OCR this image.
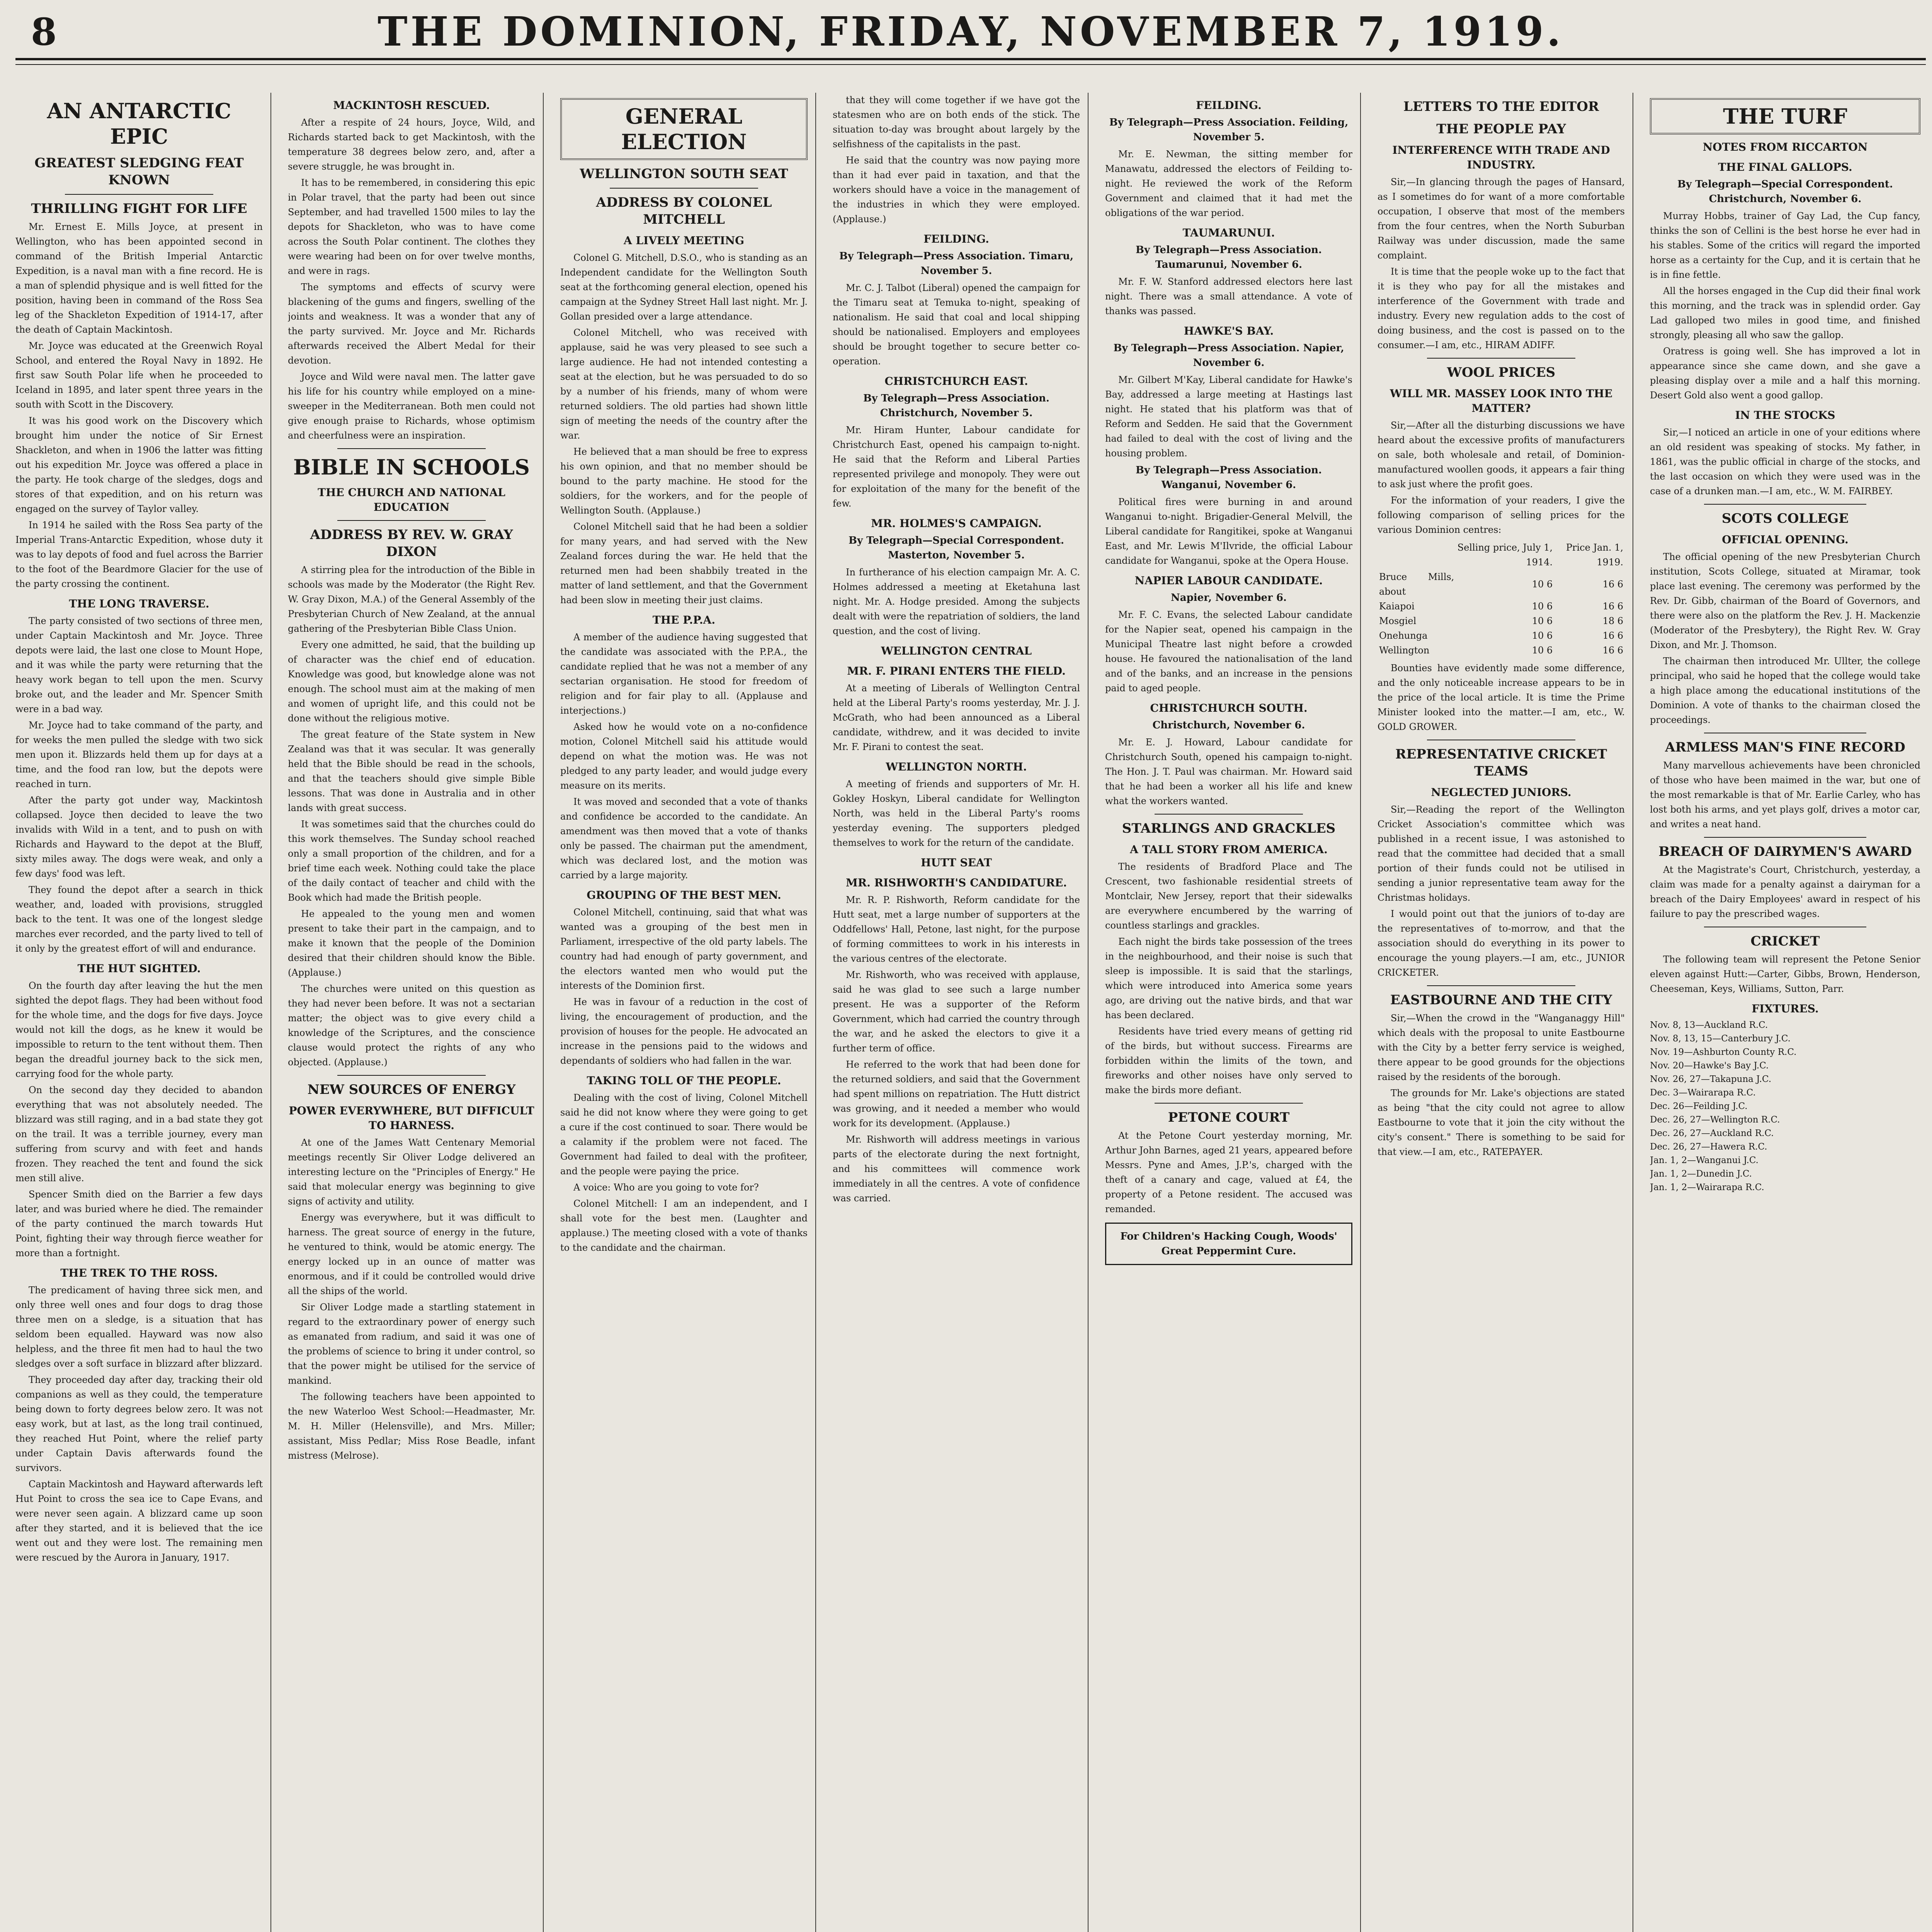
8	THE DOMINION, FRIDAY, NOVEMBER 7, 1919.
AN ANTARCTIC EPIC
GREATEST SLEDGING FEAT KNOWN
THRILLING FIGHT FOR LIFE

Mr. Ernest E. Mills Joyce, at present in Wellington, who has been appointed second in command of the British Imperial Antarctic Expedition, is a naval man with a fine record. He is a man of splendid physique and is well fitted for the position, having been in command of the Ross Sea leg of the Shackleton Expedition of 1914-17, after the death of Captain Mackintosh.

Mr. Joyce was educated at the Greenwich Royal School, and entered the Royal Navy in 1892. He first saw South Polar life when he proceeded to Iceland in 1895, and later spent three years in the south with Scott in the Discovery.

It was his good work on the Discovery which brought him under the notice of Sir Ernest Shackleton, and when in 1906 the latter was fitting out his expedition Mr. Joyce was offered a place in the party. He took charge of the sledges, dogs and stores of that expedition, and on his return was engaged on the survey of Taylor valley.

In 1914 he sailed with the Ross Sea party of the Imperial Trans-Antarctic Expedition, whose duty it was to lay depots of food and fuel across the Barrier to the foot of the Beardmore Glacier for the use of the party crossing the continent.

THE LONG TRAVERSE.

The party consisted of two sections of three men, under Captain Mackintosh and Mr. Joyce. Three depots were laid, the last one close to Mount Hope, and it was while the party were returning that the heavy work began to tell upon the men. Scurvy broke out, and the leader and Mr. Spencer Smith were in a bad way.

Mr. Joyce had to take command of the party, and for weeks the men pulled the sledge with two sick men upon it. Blizzards held them up for days at a time, and the food ran low, but the depots were reached in turn.

After the party got under way, Mackintosh collapsed. Joyce then decided to leave the two invalids with Wild in a tent, and to push on with Richards and Hayward to the depot at the Bluff, sixty miles away. The dogs were weak, and only a few days' food was left.

They found the depot after a search in thick weather, and, loaded with provisions, struggled back to the tent. It was one of the longest sledge marches ever recorded, and the party lived to tell of it only by the greatest effort of will and endurance.

THE HUT SIGHTED.

On the fourth day after leaving the hut the men sighted the depot flags. They had been without food for the whole time, and the dogs for five days. Joyce would not kill the dogs, as he knew it would be impossible to return to the tent without them. Then began the dreadful journey back to the sick men, carrying food for the whole party.

On the second day they decided to abandon everything that was not absolutely needed. The blizzard was still raging, and in a bad state they got on the trail. It was a terrible journey, every man suffering from scurvy and with feet and hands frozen. They reached the tent and found the sick men still alive.

Spencer Smith died on the Barrier a few days later, and was buried where he died. The remainder of the party continued the march towards Hut Point, fighting their way through fierce weather for more than a fortnight.

THE TREK TO THE ROSS.

The predicament of having three sick men, and only three well ones and four dogs to drag those three men on a sledge, is a situation that has seldom been equalled. Hayward was now also helpless, and the three fit men had to haul the two sledges over a soft surface in blizzard after blizzard.

They proceeded day after day, tracking their old companions as well as they could, the temperature being down to forty degrees below zero. It was not easy work, but at last, as the long trail continued, they reached Hut Point, where the relief party under Captain Davis afterwards found the survivors.

Captain Mackintosh and Hayward afterwards left Hut Point to cross the sea ice to Cape Evans, and were never seen again. A blizzard came up soon after they started, and it is believed that the ice went out and they were lost. The remaining men were rescued by the Aurora in January, 1917.

MACKINTOSH RESCUED.

After a respite of 24 hours, Joyce, Wild, and Richards started back to get Mackintosh, with the temperature 38 degrees below zero, and, after a severe struggle, he was brought in.

It has to be remembered, in considering this epic in Polar travel, that the party had been out since September, and had travelled 1500 miles to lay the depots for Shackleton, who was to have come across the South Polar continent. The clothes they were wearing had been on for over twelve months, and were in rags.

The symptoms and effects of scurvy were blackening of the gums and fingers, swelling of the joints and weakness. It was a wonder that any of the party survived. Mr. Joyce and Mr. Richards afterwards received the Albert Medal for their devotion.

Joyce and Wild were naval men. The latter gave his life for his country while employed on a mine-sweeper in the Mediterranean. Both men could not give enough praise to Richards, whose optimism and cheerfulness were an inspiration.

BIBLE IN SCHOOLS
THE CHURCH AND NATIONAL EDUCATION
ADDRESS BY REV. W. GRAY DIXON

A stirring plea for the introduction of the Bible in schools was made by the Moderator (the Right Rev. W. Gray Dixon, M.A.) of the General Assembly of the Presbyterian Church of New Zealand, at the annual gathering of the Presbyterian Bible Class Union.

Every one admitted, he said, that the building up of character was the chief end of education. Knowledge was good, but knowledge alone was not enough. The school must aim at the making of men and women of upright life, and this could not be done without the religious motive.

The great feature of the State system in New Zealand was that it was secular. It was generally held that the Bible should be read in the schools, and that the teachers should give simple Bible lessons. That was done in Australia and in other lands with great success.

It was sometimes said that the churches could do this work themselves. The Sunday school reached only a small proportion of the children, and for a brief time each week. Nothing could take the place of the daily contact of teacher and child with the Book which had made the British people.

He appealed to the young men and women present to take their part in the campaign, and to make it known that the people of the Dominion desired that their children should know the Bible. (Applause.)

The churches were united on this question as they had never been before. It was not a sectarian matter; the object was to give every child a knowledge of the Scriptures, and the conscience clause would protect the rights of any who objected. (Applause.)

NEW SOURCES OF ENERGY
POWER EVERYWHERE, BUT DIFFICULT TO HARNESS.

At one of the James Watt Centenary Memorial meetings recently Sir Oliver Lodge delivered an interesting lecture on the "Principles of Energy." He said that molecular energy was beginning to give signs of activity and utility.

Energy was everywhere, but it was difficult to harness. The great source of energy in the future, he ventured to think, would be atomic energy. The energy locked up in an ounce of matter was enormous, and if it could be controlled would drive all the ships of the world.

Sir Oliver Lodge made a startling statement in regard to the extraordinary power of energy such as emanated from radium, and said it was one of the problems of science to bring it under control, so that the power might be utilised for the service of mankind.

The following teachers have been appointed to the new Waterloo West School:—Headmaster, Mr. M. H. Miller (Helensville), and Mrs. Miller; assistant, Miss Pedlar; Miss Rose Beadle, infant mistress (Melrose).

GENERAL ELECTION
WELLINGTON SOUTH SEAT
ADDRESS BY COLONEL MITCHELL
A LIVELY MEETING

Colonel G. Mitchell, D.S.O., who is standing as an Independent candidate for the Wellington South seat at the forthcoming general election, opened his campaign at the Sydney Street Hall last night. Mr. J. Gollan presided over a large attendance.

Colonel Mitchell, who was received with applause, said he was very pleased to see such a large audience. He had not intended contesting a seat at the election, but he was persuaded to do so by a number of his friends, many of whom were returned soldiers. The old parties had shown little sign of meeting the needs of the country after the war.

He believed that a man should be free to express his own opinion, and that no member should be bound to the party machine. He stood for the soldiers, for the workers, and for the people of Wellington South. (Applause.)

Colonel Mitchell said that he had been a soldier for many years, and had served with the New Zealand forces during the war. He held that the returned men had been shabbily treated in the matter of land settlement, and that the Government had been slow in meeting their just claims.

THE P.P.A.

A member of the audience having suggested that the candidate was associated with the P.P.A., the candidate replied that he was not a member of any sectarian organisation. He stood for freedom of religion and for fair play to all. (Applause and interjections.)

Asked how he would vote on a no-confidence motion, Colonel Mitchell said his attitude would depend on what the motion was. He was not pledged to any party leader, and would judge every measure on its merits.

It was moved and seconded that a vote of thanks and confidence be accorded to the candidate. An amendment was then moved that a vote of thanks only be passed. The chairman put the amendment, which was declared lost, and the motion was carried by a large majority.

GROUPING OF THE BEST MEN.

Colonel Mitchell, continuing, said that what was wanted was a grouping of the best men in Parliament, irrespective of the old party labels. The country had had enough of party government, and the electors wanted men who would put the interests of the Dominion first.

He was in favour of a reduction in the cost of living, the encouragement of production, and the provision of houses for the people. He advocated an increase in the pensions paid to the widows and dependants of soldiers who had fallen in the war.

TAKING TOLL OF THE PEOPLE.

Dealing with the cost of living, Colonel Mitchell said he did not know where they were going to get a cure if the cost continued to soar. There would be a calamity if the problem were not faced. The Government had failed to deal with the profiteer, and the people were paying the price.

A voice: Who are you going to vote for?

Colonel Mitchell: I am an independent, and I shall vote for the best men. (Laughter and applause.) The meeting closed with a vote of thanks to the candidate and the chairman.

that they will come together if we have got the statesmen who are on both ends of the stick. The situation to-day was brought about largely by the selfishness of the capitalists in the past.

He said that the country was now paying more than it had ever paid in taxation, and that the workers should have a voice in the management of the industries in which they were employed. (Applause.)

FEILDING.
By Telegraph—Press Association. Timaru, November 5.

Mr. C. J. Talbot (Liberal) opened the campaign for the Timaru seat at Temuka to-night, speaking of nationalism. He said that coal and local shipping should be nationalised. Employers and employees should be brought together to secure better co-operation.

CHRISTCHURCH EAST.
By Telegraph—Press Association. Christchurch, November 5.

Mr. Hiram Hunter, Labour candidate for Christchurch East, opened his campaign to-night. He said that the Reform and Liberal Parties represented privilege and monopoly. They were out for exploitation of the many for the benefit of the few.

MR. HOLMES'S CAMPAIGN.
By Telegraph—Special Correspondent. Masterton, November 5.

In furtherance of his election campaign Mr. A. C. Holmes addressed a meeting at Eketahuna last night. Mr. A. Hodge presided. Among the subjects dealt with were the repatriation of soldiers, the land question, and the cost of living.

WELLINGTON CENTRAL
MR. F. PIRANI ENTERS THE FIELD.

At a meeting of Liberals of Wellington Central held at the Liberal Party's rooms yesterday, Mr. J. J. McGrath, who had been announced as a Liberal candidate, withdrew, and it was decided to invite Mr. F. Pirani to contest the seat.

WELLINGTON NORTH.

A meeting of friends and supporters of Mr. H. Gokley Hoskyn, Liberal candidate for Wellington North, was held in the Liberal Party's rooms yesterday evening. The supporters pledged themselves to work for the return of the candidate.

HUTT SEAT
MR. RISHWORTH'S CANDIDATURE.

Mr. R. P. Rishworth, Reform candidate for the Hutt seat, met a large number of supporters at the Oddfellows' Hall, Petone, last night, for the purpose of forming committees to work in his interests in the various centres of the electorate.

Mr. Rishworth, who was received with applause, said he was glad to see such a large number present. He was a supporter of the Reform Government, which had carried the country through the war, and he asked the electors to give it a further term of office.

He referred to the work that had been done for the returned soldiers, and said that the Government had spent millions on repatriation. The Hutt district was growing, and it needed a member who would work for its development. (Applause.)

Mr. Rishworth will address meetings in various parts of the electorate during the next fortnight, and his committees will commence work immediately in all the centres. A vote of confidence was carried.

FEILDING.
By Telegraph—Press Association. Feilding, November 5.

Mr. E. Newman, the sitting member for Manawatu, addressed the electors of Feilding to-night. He reviewed the work of the Reform Government and claimed that it had met the obligations of the war period.

TAUMARUNUI.
By Telegraph—Press Association. Taumarunui, November 6.

Mr. F. W. Stanford addressed electors here last night. There was a small attendance. A vote of thanks was passed.

HAWKE'S BAY.
By Telegraph—Press Association. Napier, November 6.

Mr. Gilbert M'Kay, Liberal candidate for Hawke's Bay, addressed a large meeting at Hastings last night. He stated that his platform was that of Reform and Sedden. He said that the Government had failed to deal with the cost of living and the housing problem.

By Telegraph—Press Association. Wanganui, November 6.

Political fires were burning in and around Wanganui to-night. Brigadier-General Melvill, the Liberal candidate for Rangitikei, spoke at Wanganui East, and Mr. Lewis M'Ilvride, the official Labour candidate for Wanganui, spoke at the Opera House.

NAPIER LABOUR CANDIDATE.
Napier, November 6.

Mr. F. C. Evans, the selected Labour candidate for the Napier seat, opened his campaign in the Municipal Theatre last night before a crowded house. He favoured the nationalisation of the land and of the banks, and an increase in the pensions paid to aged people.

CHRISTCHURCH SOUTH.
Christchurch, November 6.

Mr. E. J. Howard, Labour candidate for Christchurch South, opened his campaign to-night. The Hon. J. T. Paul was chairman. Mr. Howard said that he had been a worker all his life and knew what the workers wanted.

STARLINGS AND GRACKLES
A TALL STORY FROM AMERICA.

The residents of Bradford Place and The Crescent, two fashionable residential streets of Montclair, New Jersey, report that their sidewalks are everywhere encumbered by the warring of countless starlings and grackles.

Each night the birds take possession of the trees in the neighbourhood, and their noise is such that sleep is impossible. It is said that the starlings, which were introduced into America some years ago, are driving out the native birds, and that war has been declared.

Residents have tried every means of getting rid of the birds, but without success. Firearms are forbidden within the limits of the town, and fireworks and other noises have only served to make the birds more defiant.

PETONE COURT

At the Petone Court yesterday morning, Mr. Arthur John Barnes, aged 21 years, appeared before Messrs. Pyne and Ames, J.P.'s, charged with the theft of a canary and cage, valued at £4, the property of a Petone resident. The accused was remanded.

For Children's Hacking Cough, Woods' Great Peppermint Cure.
LETTERS TO THE EDITOR
THE PEOPLE PAY
INTERFERENCE WITH TRADE AND INDUSTRY.

Sir,—In glancing through the pages of Hansard, as I sometimes do for want of a more comfortable occupation, I observe that most of the members from the four centres, when the North Suburban Railway was under discussion, made the same complaint.

It is time that the people woke up to the fact that it is they who pay for all the mistakes and interference of the Government with trade and industry. Every new regulation adds to the cost of doing business, and the cost is passed on to the consumer.—I am, etc., HIRAM ADIFF.

WOOL PRICES
WILL MR. MASSEY LOOK INTO THE MATTER?

Sir,—After all the disturbing discussions we have heard about the excessive profits of manufacturers on sale, both wholesale and retail, of Dominion-manufactured woollen goods, it appears a fair thing to ask just where the profit goes.

For the information of your readers, I give the following comparison of selling prices for the various Dominion centres:

	Selling price, July 1, 1914.	Price Jan. 1, 1919.
Bruce Mills, about	10 6	16 6
Kaiapoi	10 6	16 6
Mosgiel	10 6	18 6
Onehunga	10 6	16 6
Wellington	10 6	16 6

Bounties have evidently made some difference, and the only noticeable increase appears to be in the price of the local article. It is time the Prime Minister looked into the matter.—I am, etc., W. GOLD GROWER.

REPRESENTATIVE CRICKET TEAMS
NEGLECTED JUNIORS.

Sir,—Reading the report of the Wellington Cricket Association's committee which was published in a recent issue, I was astonished to read that the committee had decided that a small portion of their funds could not be utilised in sending a junior representative team away for the Christmas holidays.

I would point out that the juniors of to-day are the representatives of to-morrow, and that the association should do everything in its power to encourage the young players.—I am, etc., JUNIOR CRICKETER.

EASTBOURNE AND THE CITY

Sir,—When the crowd in the "Wanganaggy Hill" which deals with the proposal to unite Eastbourne with the City by a better ferry service is weighed, there appear to be good grounds for the objections raised by the residents of the borough.

The grounds for Mr. Lake's objections are stated as being "that the city could not agree to allow Eastbourne to vote that it join the city without the city's consent." There is something to be said for that view.—I am, etc., RATEPAYER.

THE TURF
NOTES FROM RICCARTON
THE FINAL GALLOPS.
By Telegraph—Special Correspondent. Christchurch, November 6.

Murray Hobbs, trainer of Gay Lad, the Cup fancy, thinks the son of Cellini is the best horse he ever had in his stables. Some of the critics will regard the imported horse as a certainty for the Cup, and it is certain that he is in fine fettle.

All the horses engaged in the Cup did their final work this morning, and the track was in splendid order. Gay Lad galloped two miles in good time, and finished strongly, pleasing all who saw the gallop.

Oratress is going well. She has improved a lot in appearance since she came down, and she gave a pleasing display over a mile and a half this morning. Desert Gold also went a good gallop.

IN THE STOCKS

Sir,—I noticed an article in one of your editions where an old resident was speaking of stocks. My father, in 1861, was the public official in charge of the stocks, and the last occasion on which they were used was in the case of a drunken man.—I am, etc., W. M. FAIRBEY.

SCOTS COLLEGE
OFFICIAL OPENING.

The official opening of the new Presbyterian Church institution, Scots College, situated at Miramar, took place last evening. The ceremony was performed by the Rev. Dr. Gibb, chairman of the Board of Governors, and there were also on the platform the Rev. J. H. Mackenzie (Moderator of the Presbytery), the Right Rev. W. Gray Dixon, and Mr. J. Thomson.

The chairman then introduced Mr. Ullter, the college principal, who said he hoped that the college would take a high place among the educational institutions of the Dominion. A vote of thanks to the chairman closed the proceedings.

ARMLESS MAN'S FINE RECORD

Many marvellous achievements have been chronicled of those who have been maimed in the war, but one of the most remarkable is that of Mr. Earlie Carley, who has lost both his arms, and yet plays golf, drives a motor car, and writes a neat hand.

BREACH OF DAIRYMEN'S AWARD

At the Magistrate's Court, Christchurch, yesterday, a claim was made for a penalty against a dairyman for a breach of the Dairy Employees' award in respect of his failure to pay the prescribed wages.

CRICKET

The following team will represent the Petone Senior eleven against Hutt:—Carter, Gibbs, Brown, Henderson, Cheeseman, Keys, Williams, Sutton, Parr.

FIXTURES.
Nov. 8, 13—Auckland R.C.
Nov. 8, 13, 15—Canterbury J.C.
Nov. 19—Ashburton County R.C.
Nov. 20—Hawke's Bay J.C.
Nov. 26, 27—Takapuna J.C.
Dec. 3—Wairarapa R.C.
Dec. 26—Feilding J.C.
Dec. 26, 27—Wellington R.C.
Dec. 26, 27—Auckland R.C.
Dec. 26, 27—Hawera R.C.
Jan. 1, 2—Wanganui J.C.
Jan. 1, 2—Dunedin J.C.
Jan. 1, 2—Wairarapa R.C.
